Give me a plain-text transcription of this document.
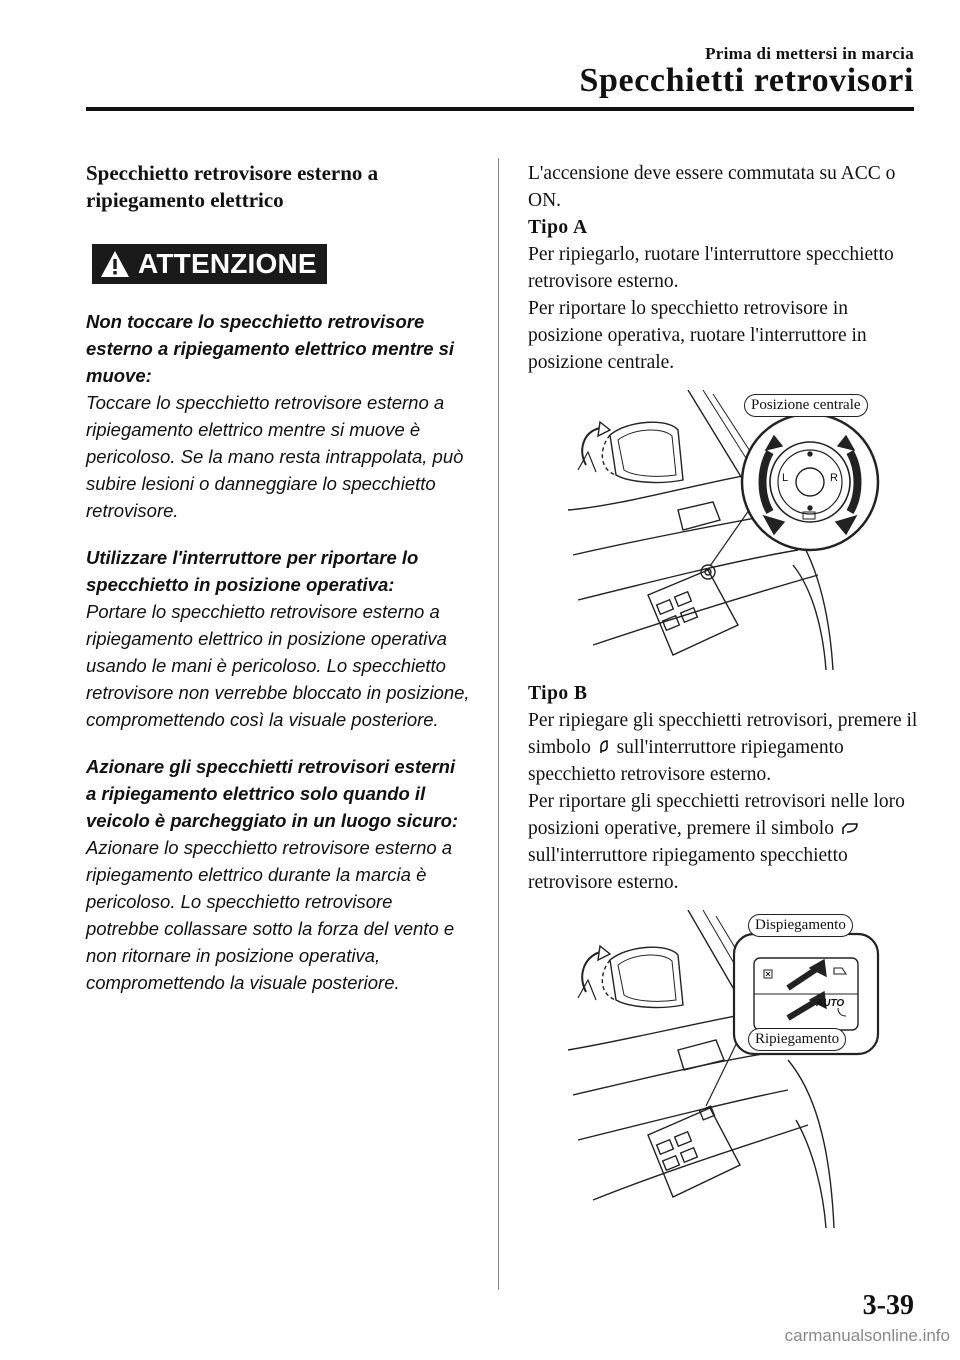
Prima di mettersi in marcia
Specchietti retrovisori

Specchietto retrovisore esterno a
ripiegamento elettrico

ATTENZIONE

Non toccare lo specchietto retrovisore esterno a ripiegamento elettrico mentre si muove:

Toccare lo specchietto retrovisore esterno a ripiegamento elettrico mentre si muove è pericoloso. Se la mano resta intrappolata, può subire lesioni o danneggiare lo specchietto retrovisore.

Utilizzare l'interruttore per riportare lo specchietto in posizione operativa:

Portare lo specchietto retrovisore esterno a ripiegamento elettrico in posizione operativa usando le mani è pericoloso. Lo specchietto retrovisore non verrebbe bloccato in posizione, compromettendo così la visuale posteriore.

Azionare gli specchietti retrovisori esterni a ripiegamento elettrico solo quando il veicolo è parcheggiato in un luogo sicuro:

Azionare lo specchietto retrovisore esterno a ripiegamento elettrico durante la marcia è pericoloso. Lo specchietto retrovisore potrebbe collassare sotto la forza del vento e non ritornare in posizione operativa, compromettendo la visuale posteriore.

L'accensione deve essere commutata su ACC o ON.

Tipo A

Per ripiegarlo, ruotare l'interruttore specchietto retrovisore esterno.

Per riportare lo specchietto retrovisore in posizione operativa, ruotare l'interruttore in posizione centrale.

Posizione centrale
L	R

Tipo B

Per ripiegare gli specchietti retrovisori, premere il simbolo sull'interruttore ripiegamento specchietto retrovisore esterno.

Per riportare gli specchietti retrovisori nelle loro posizioni operative, premere il simbolo  sull'interruttore ripiegamento specchietto retrovisore esterno.

Dispiegamento
Ripiegamento
AUTO
3-39
carmanualsonline.info
